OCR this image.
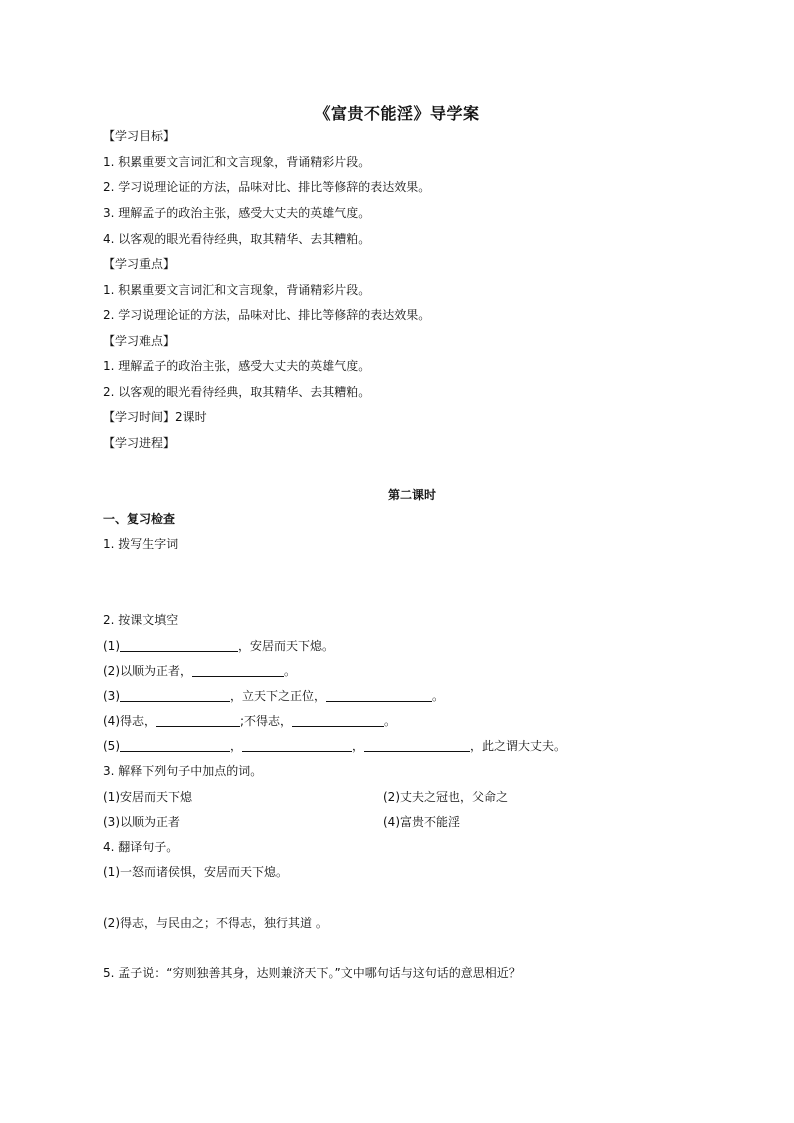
《富贵不能淫》导学案
【学习目标】
1. 积累重要文言词汇和文言现象，背诵精彩片段。
2. 学习说理论证的方法，品味对比、排比等修辞的表达效果。
3. 理解孟子的政治主张，感受大丈夫的英雄气度。
4. 以客观的眼光看待经典，取其精华、去其糟粕。
【学习重点】
1. 积累重要文言词汇和文言现象，背诵精彩片段。
2. 学习说理论证的方法，品味对比、排比等修辞的表达效果。
【学习难点】
1. 理解孟子的政治主张，感受大丈夫的英雄气度。
2. 以客观的眼光看待经典，取其精华、去其糟粕。
【学习时间】2课时
【学习进程】
第二课时
一、复习检查
1. 拨写生字词
2. 按课文填空
(1)	，安居而天下熄。
(2)以顺为正者，	。
(3)	，立天下之正位，	。
(4)得志，	;不得志，	。
(5)	，	，	，此之谓大丈夫。
3. 解释下列句子中加点的词。
(1)安居而天下熄	(2)丈夫之冠也，父命之
(3)以顺为正者	(4)富贵不能淫
4. 翻译句子。
(1)一怒而诸侯惧，安居而天下熄。
(2)得志，与民由之；不得志，独行其道 。
5. 孟子说：“穷则独善其身，达则兼济天下。”文中哪句话与这句话的意思相近？
